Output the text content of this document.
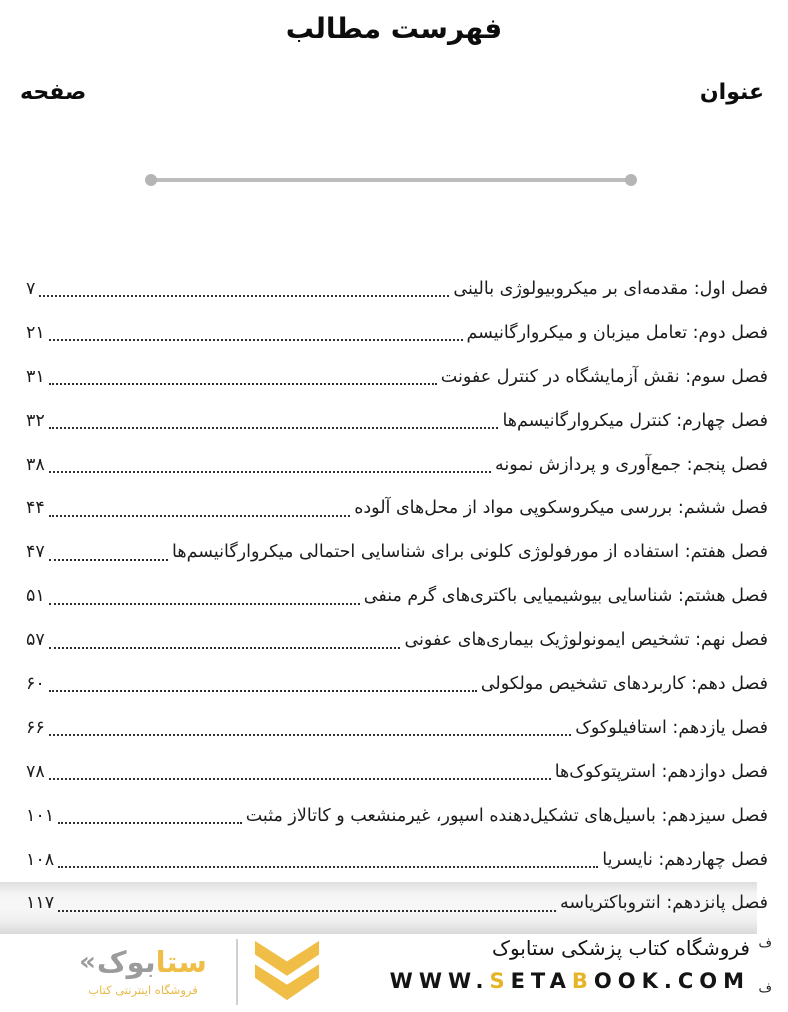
فهرست مطالب
عنوان
صفحه
فصل اول: مقدمه‌ای بر میکروبیولوژی بالینی
۷
فصل دوم: تعامل میزبان و میکروارگانیسم
۲۱
فصل سوم: نقش آزمایشگاه در کنترل عفونت
۳۱
فصل چهارم: کنترل میکروارگانیسم‌ها
۳۲
فصل پنجم: جمع‌آوری و پردازش نمونه
۳۸
فصل ششم: بررسی میکروسکوپی مواد از محل‌های آلوده
۴۴
فصل هفتم: استفاده از مورفولوژی کلونی برای شناسایی احتمالی میکروارگانیسم‌ها
۴۷
فصل هشتم: شناسایی بیوشیمیایی باکتری‌های گرم منفی
۵۱
فصل نهم: تشخیص ایمونولوژیک بیماری‌های عفونی
۵۷
فصل دهم: کاربردهای تشخیص مولکولی
۶۰
فصل یازدهم: استافیلوکوک
۶۶
فصل دوازدهم: استرپتوکوک‌ها
۷۸
فصل سیزدهم: باسیل‌های تشکیل‌دهنده اسپور، غیرمنشعب و کاتالاز مثبت
۱۰۱
فصل چهاردهم: نایسریا
۱۰۸
فصل پانزدهم: انتروباکتریاسه
۱۱۷
فروشگاه کتاب پزشکی ستابوک
WWW.SETABOOK.COM
ف
ف
« بوک ستا
فروشگاه اینترنتی کتاب
